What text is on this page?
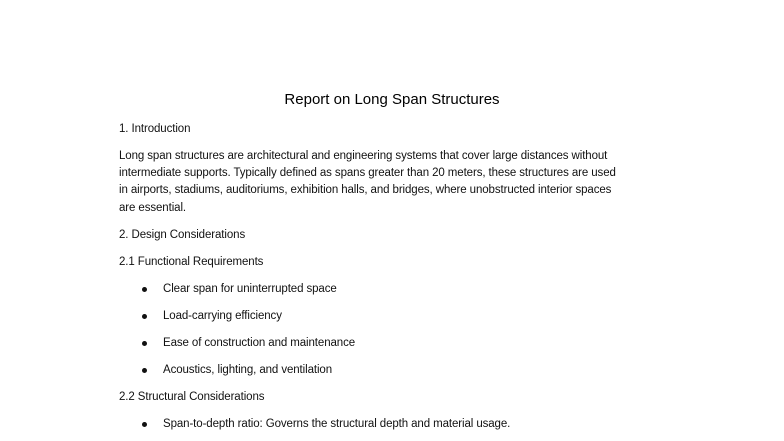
Report on Long Span Structures
1. Introduction
Long span structures are architectural and engineering systems that cover large distances without
intermediate supports. Typically defined as spans greater than 20 meters, these structures are used
in airports, stadiums, auditoriums, exhibition halls, and bridges, where unobstructed interior spaces
are essential.
2. Design Considerations
2.1 Functional Requirements
Clear span for uninterrupted space
Load-carrying efficiency
Ease of construction and maintenance
Acoustics, lighting, and ventilation
2.2 Structural Considerations
Span-to-depth ratio: Governs the structural depth and material usage.
